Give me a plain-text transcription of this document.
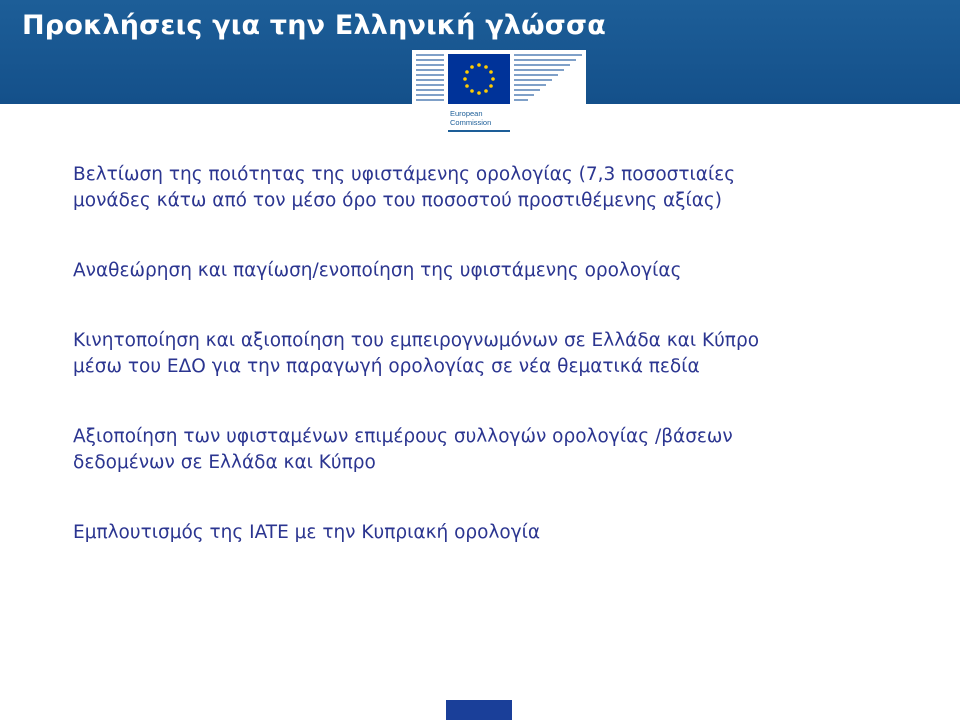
Προκλήσεις για την Ελληνική γλώσσα
European
Commission

Βελτίωση της ποιότητας της υφιστάμενης ορολογίας (7,3 ποσοστιαίες
μονάδες κάτω από τον μέσο όρο του ποσοστού προστιθέμενης αξίας)

Αναθεώρηση και παγίωση/ενοποίηση της υφιστάμενης ορολογίας

Κινητοποίηση και αξιοποίηση του εμπειρογνωμόνων σε Ελλάδα και Κύπρο
μέσω του ΕΔΟ για την παραγωγή ορολογίας σε νέα θεματικά πεδία

Αξιοποίηση των υφισταμένων επιμέρους συλλογών ορολογίας /βάσεων
δεδομένων σε Ελλάδα και Κύπρο

Εμπλουτισμός της IATE με την Κυπριακή ορολογία
